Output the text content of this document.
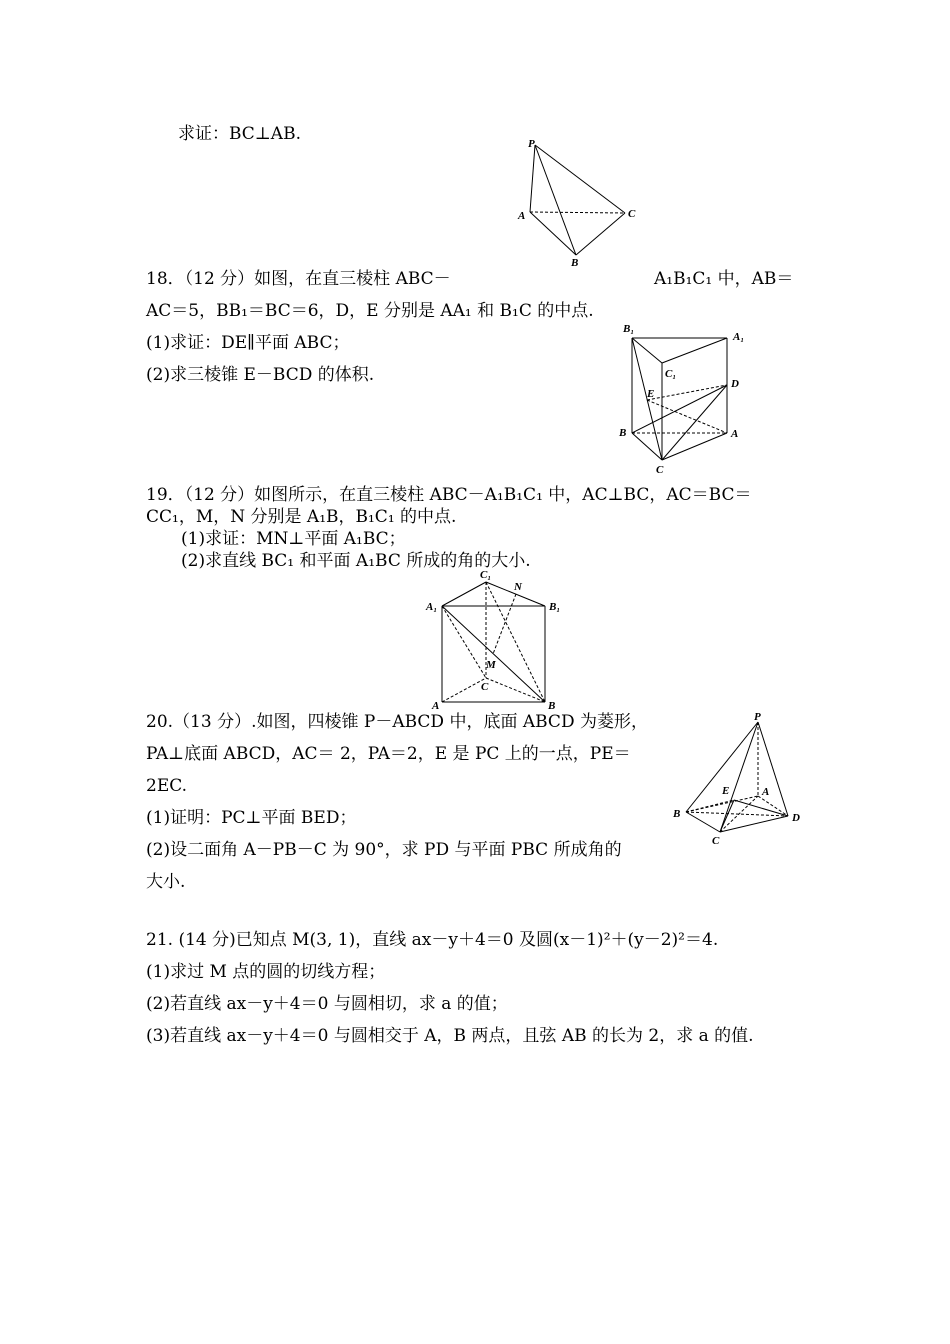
求证：BC⊥AB.	P
A
B
C
18．（12 分）如图，在直三棱柱 ABC－	A₁B₁C₁ 中，AB＝
AC＝5，BB₁＝BC＝6，D，E 分别是 AA₁ 和 B₁C 的中点.
(1)求证：DE∥平面 ABC；
(2)求三棱锥 E－BCD 的体积.
B₁
A₁
C₁
E
D
B	A
C
19．（12 分）如图所示，在直三棱柱 ABC－A₁B₁C₁ 中，AC⊥BC，AC＝BC＝
CC₁，M，N 分别是 A₁B，B₁C₁ 的中点.
(1)求证：MN⊥平面 A₁BC；
(2)求直线 BC₁ 和平面 A₁BC 所成的角的大小.
C₁
N
A₁	B₁
M
C
A	B
20.（13 分）.如图，四棱锥 P－ABCD 中，底面 ABCD 为菱形，
PA⊥底面 ABCD，AC＝ 2，PA＝2，E 是 PC 上的一点，PE＝
2EC.
(1)证明：PC⊥平面 BED；
(2)设二面角 A－PB－C 为 90°，求 PD 与平面 PBC 所成角的
大小.
P
E	A
B	D
C
21. (14 分)已知点 M(3, 1)，直线 ax－y＋4＝0 及圆(x－1)²＋(y－2)²＝4.
(1)求过 M 点的圆的切线方程；
(2)若直线 ax－y＋4＝0 与圆相切，求 a 的值；
(3)若直线 ax－y＋4＝0 与圆相交于 A，B 两点，且弦 AB 的长为 2，求 a 的值.
